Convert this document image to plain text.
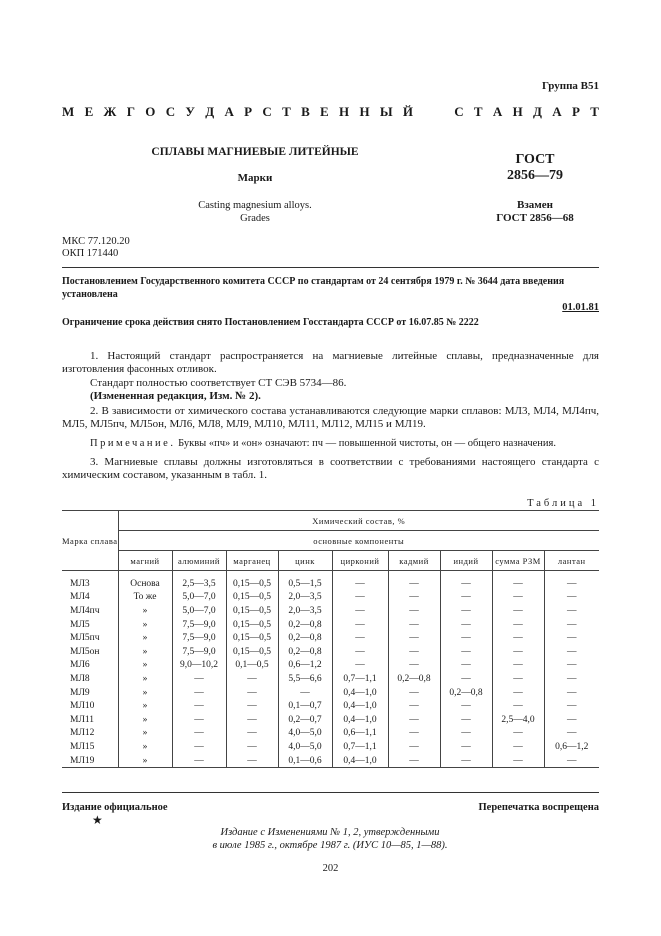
Группа В51
М Е Ж Г О С У Д А Р С Т В Е Н Н Ы Й	С Т А Н Д А Р Т
СПЛАВЫ МАГНИЕВЫЕ ЛИТЕЙНЫЕ
Марки
Casting magnesium alloys.
Grades
ГОСТ
2856—79
Взамен
ГОСТ 2856—68
МКС 77.120.20
ОКП 171440
Постановлением Государственного комитета СССР по стандартам от 24 сентября 1979 г. № 3644 дата введения установлена
01.01.81
Ограничение срока действия снято Постановлением Госстандарта СССР от 16.07.85 № 2222
1. Настоящий стандарт распространяется на магниевые литейные сплавы, предназначенные для изготовления фасонных отливок.
Стандарт полностью соответствует СТ СЭВ 5734—86.
(Измененная редакция, Изм. № 2).
2. В зависимости от химического состава устанавливаются следующие марки сплавов: МЛ3, МЛ4, МЛ4пч, МЛ5, МЛ5пч, МЛ5он, МЛ6, МЛ8, МЛ9, МЛ10, МЛ11, МЛ12, МЛ15 и МЛ19.
Примечание. Буквы «пч» и «он» означают: пч — повышенной чистоты, он — общего назначения.
3. Магниевые сплавы должны изготовляться в соответствии с требованиями настоящего стандарта с химическим составом, указанным в табл. 1.
Таблица 1
Марка сплава	Химический состав, %								
	основные компоненты								
	магний	алюминий	марганец	цинк	цирконий	кадмий	индий	сумма РЗМ	лантан

МЛ3	Основа	2,5—3,5	0,15—0,5	0,5—1,5	—	—	—	—	—
МЛ4	То же	5,0—7,0	0,15—0,5	2,0—3,5	—	—	—	—	—
МЛ4пч	»	5,0—7,0	0,15—0,5	2,0—3,5	—	—	—	—	—
МЛ5	»	7,5—9,0	0,15—0,5	0,2—0,8	—	—	—	—	—
МЛ5пч	»	7,5—9,0	0,15—0,5	0,2—0,8	—	—	—	—	—
МЛ5он	»	7,5—9,0	0,15—0,5	0,2—0,8	—	—	—	—	—
МЛ6	»	9,0—10,2	0,1—0,5	0,6—1,2	—	—	—	—	—
МЛ8	»	—	—	5,5—6,6	0,7—1,1	0,2—0,8	—	—	—
МЛ9	»	—	—	—	0,4—1,0	—	0,2—0,8	—	—
МЛ10	»	—	—	0,1—0,7	0,4—1,0	—	—	—	—
МЛ11	»	—	—	0,2—0,7	0,4—1,0	—	—	2,5—4,0	—
МЛ12	»	—	—	4,0—5,0	0,6—1,1	—	—	—	—
МЛ15	»	—	—	4,0—5,0	0,7—1,1	—	—	—	0,6—1,2
МЛ19	»	—	—	0,1—0,6	0,4—1,0	—	—	—	—
Издание официальное	Перепечатка воспрещена
★
Издание с Изменениями № 1, 2, утвержденными
в июле 1985 г., октябре 1987 г. (ИУС 10—85, 1—88).
202
